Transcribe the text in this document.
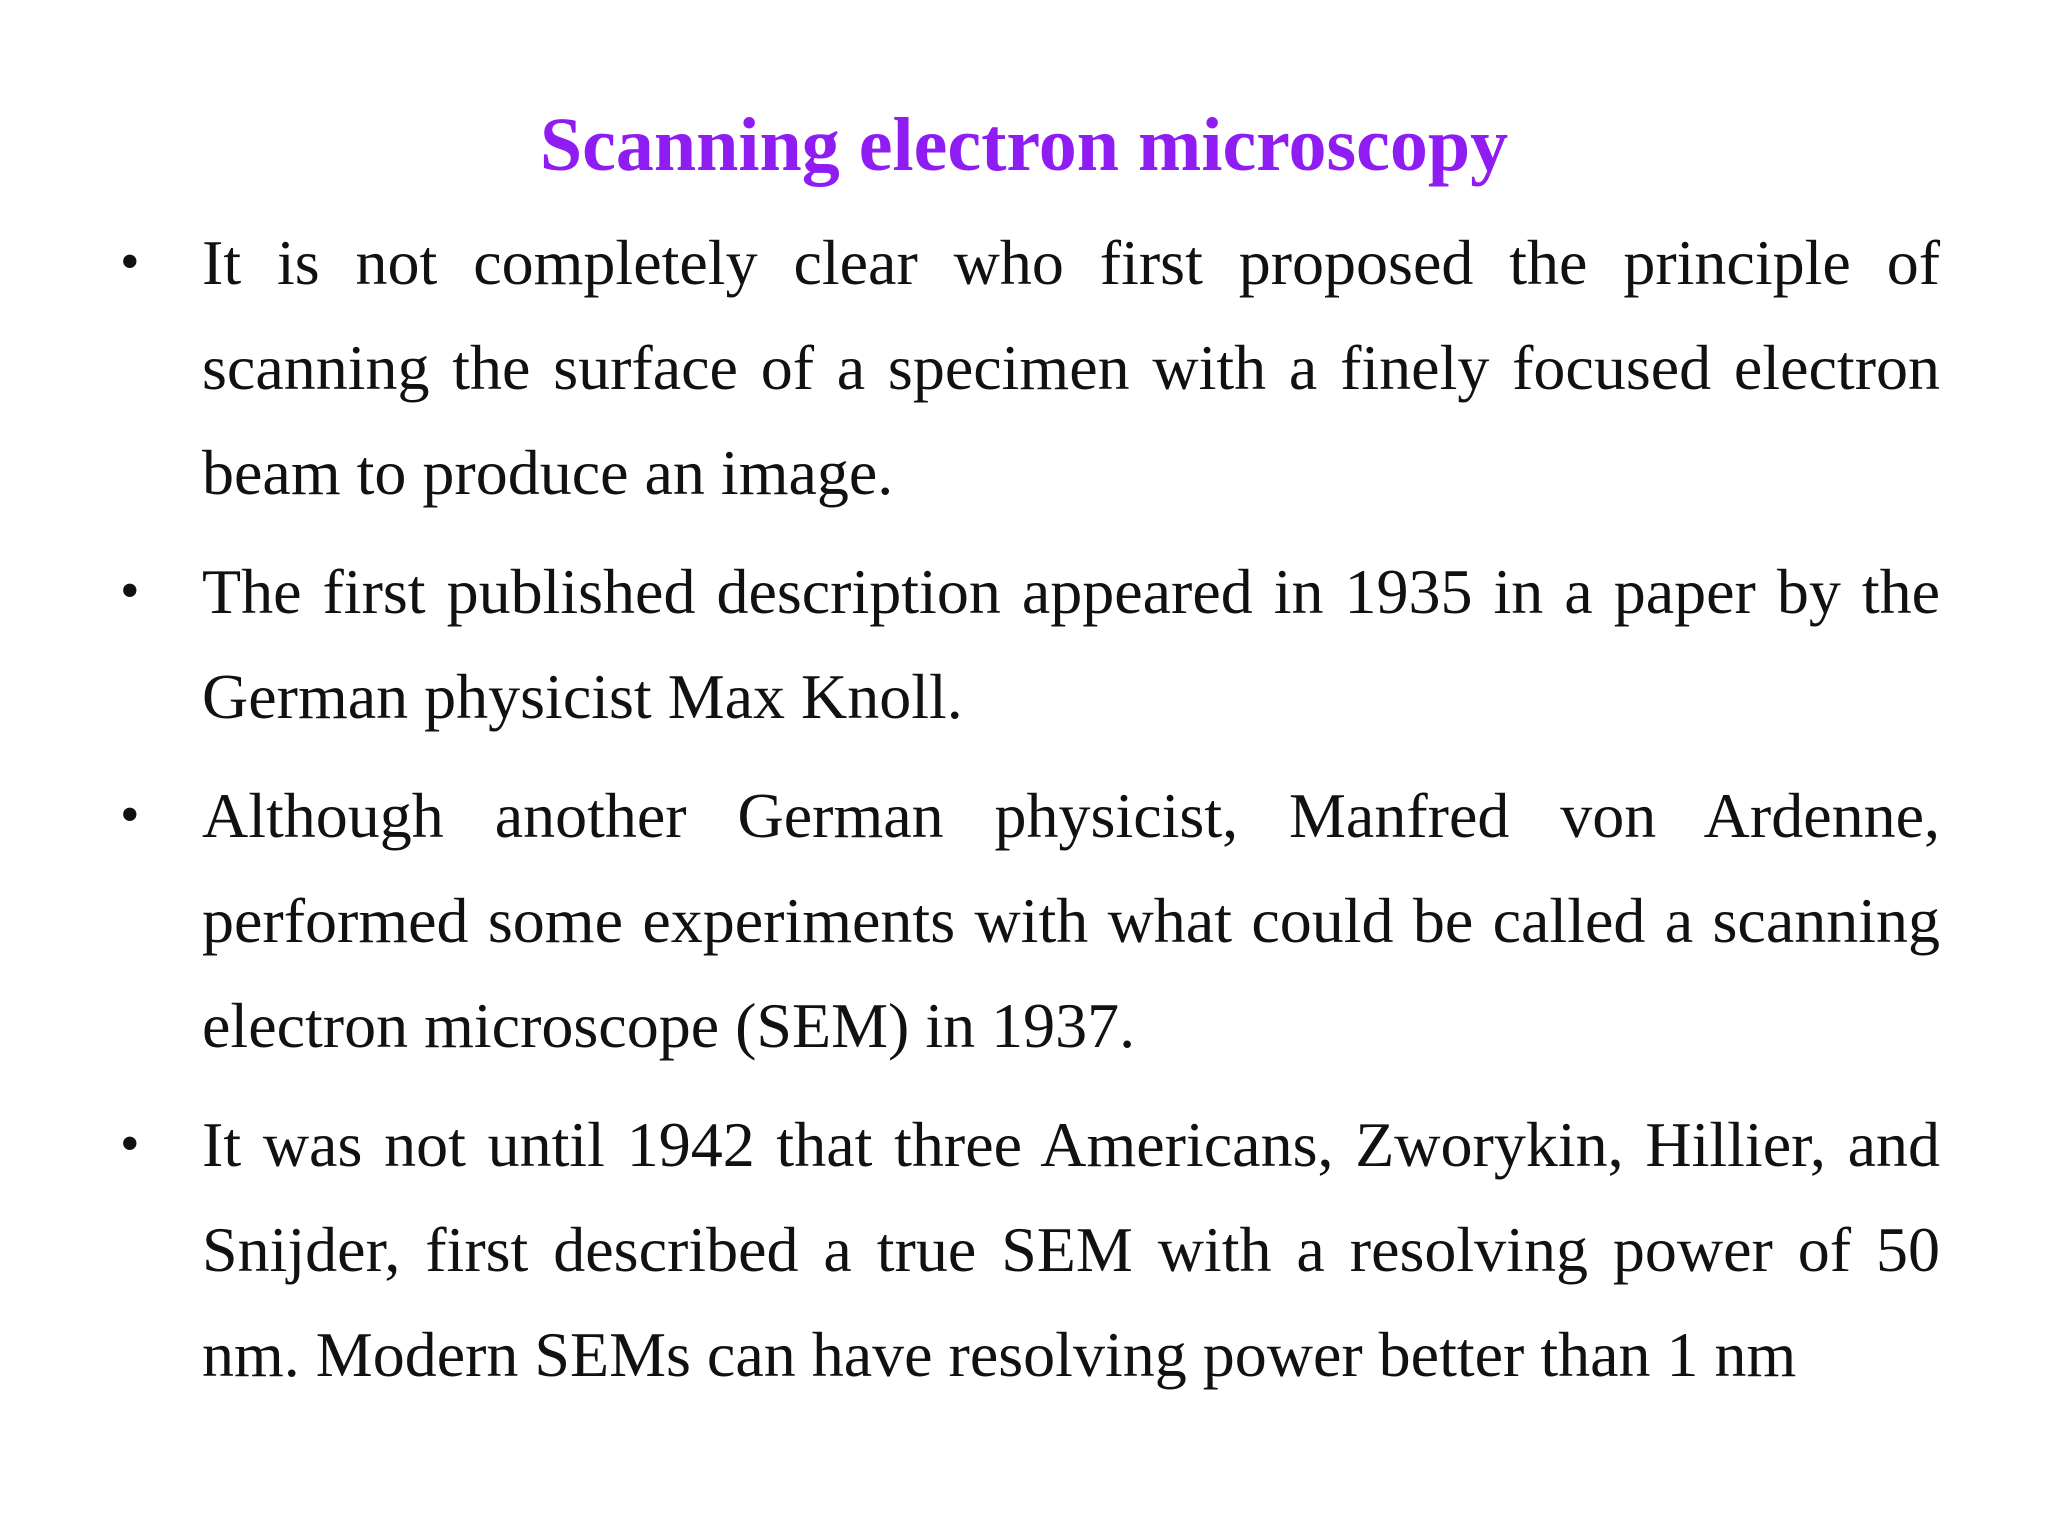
Scanning electron microscopy
• It is not completely clear who first proposed the principle of scanning the surface of a specimen with a finely focused electron beam to produce an image.
• The first published description appeared in 1935 in a paper by the German physicist Max Knoll.
• Although another German physicist, Manfred von Ardenne, performed some experiments with what could be called a scanning electron microscope (SEM) in 1937.
• It was not until 1942 that three Americans, Zworykin, Hillier, and Snijder, first described a true SEM with a resolving power of 50 nm. Modern SEMs can have resolving power better than 1 nm
